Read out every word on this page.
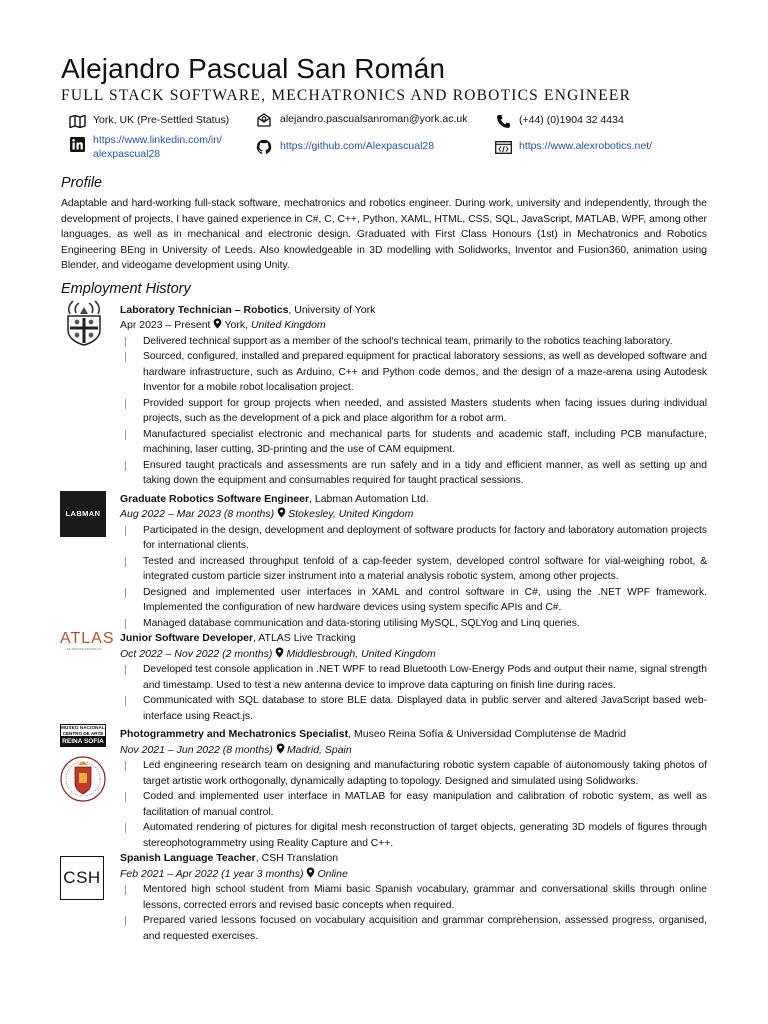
Alejandro Pascual San Román
FULL STACK SOFTWARE, MECHATRONICS AND ROBOTICS ENGINEER
York, UK (Pre-Settled Status)	alejandro.pascualsanroman@york.ac.uk	(+44) (0)1904 32 4434
https://www.linkedin.com/in/
alexpascual28
https://github.com/Alexpascual28	https://www.alexrobotics.net/
Profile

Adaptable and hard-working full-stack software, mechatronics and robotics engineer. During work, university and independently, through the development of projects, I have gained experience in C#, C, C++, Python, XAML, HTML, CSS, SQL, JavaScript, MATLAB, WPF, among other languages, as well as in mechanical and electronic design. Graduated with First Class Honours (1st) in Mechatronics and Robotics Engineering BEng in University of Leeds. Also knowledgeable in 3D modelling with Solidworks, Inventor and Fusion360, animation using Blender, and videogame development using Unity.

Employment History
Laboratory Technician – Robotics, University of York
Apr 2023 – Present York, United Kingdom
Delivered technical support as a member of the school's technical team, primarily to the robotics teaching laboratory.
Sourced, configured, installed and prepared equipment for practical laboratory sessions, as well as developed software and hardware infrastructure, such as Arduino, C++ and Python code demos, and the design of a maze-arena using Autodesk Inventor for a mobile robot localisation project.
Provided support for group projects when needed, and assisted Masters students when facing issues during individual projects, such as the development of a pick and place algorithm for a robot arm.
Manufactured specialist electronic and mechanical parts for students and academic staff, including PCB manufacture, machining, laser cutting, 3D-printing and the use of CAM equipment.
Ensured taught practicals and assessments are run safely and in a tidy and efficient manner, as well as setting up and taking down the equipment and consumables required for taught practical sessions.
LABMAN
Graduate Robotics Software Engineer, Labman Automation Ltd.
Aug 2022 – Mar 2023 (8 months) Stokesley, United Kingdom
Participated in the design, development and deployment of software products for factory and laboratory automation projects for international clients.
Tested and increased throughput tenfold of a cap-feeder system, developed control software for vial-weighing robot, & integrated custom particle sizer instrument into a material analysis robotic system, among other projects.
Designed and implemented user interfaces in XAML and control software in C#, using the .NET WPF framework. Implemented the configuration of new hardware devices using system specific APIs and C#.
Managed database communication and data-storing utilising MySQL, SQLYog and Linq queries.
ATLAS
LIVE TRACKING TECHNOLOGY
Junior Software Developer, ATLAS Live Tracking
Oct 2022 – Nov 2022 (2 months) Middlesbrough, United Kingdom
Developed test console application in .NET WPF to read Bluetooth Low-Energy Pods and output their name, signal strength and timestamp. Used to test a new antenna device to improve data capturing on finish line during races.
Communicated with SQL database to store BLE data. Displayed data in public server and altered JavaScript based web-interface using React.js.
MUSEO NACIONAL
CENTRO DE ARTE
REINA SOFIA
Photogrammetry and Mechatronics Specialist, Museo Reina Sofía & Universidad Complutense de Madrid
Nov 2021 – Jun 2022 (8 months) Madrid, Spain
Led engineering research team on designing and manufacturing robotic system capable of autonomously taking photos of target artistic work orthogonally, dynamically adapting to topology. Designed and simulated using Solidworks.
Coded and implemented user interface in MATLAB for easy manipulation and calibration of robotic system, as well as facilitation of manual control.
Automated rendering of pictures for digital mesh reconstruction of target objects, generating 3D models of figures through stereophotogrammetry using Reality Capture and C++.
CSH
Spanish Language Teacher, CSH Translation
Feb 2021 – Apr 2022 (1 year 3 months) Online
Mentored high school student from Miami basic Spanish vocabulary, grammar and conversational skills through online lessons, corrected errors and revised basic concepts when required.
Prepared varied lessons focused on vocabulary acquisition and grammar comprehension, assessed progress, organised, and requested exercises.
